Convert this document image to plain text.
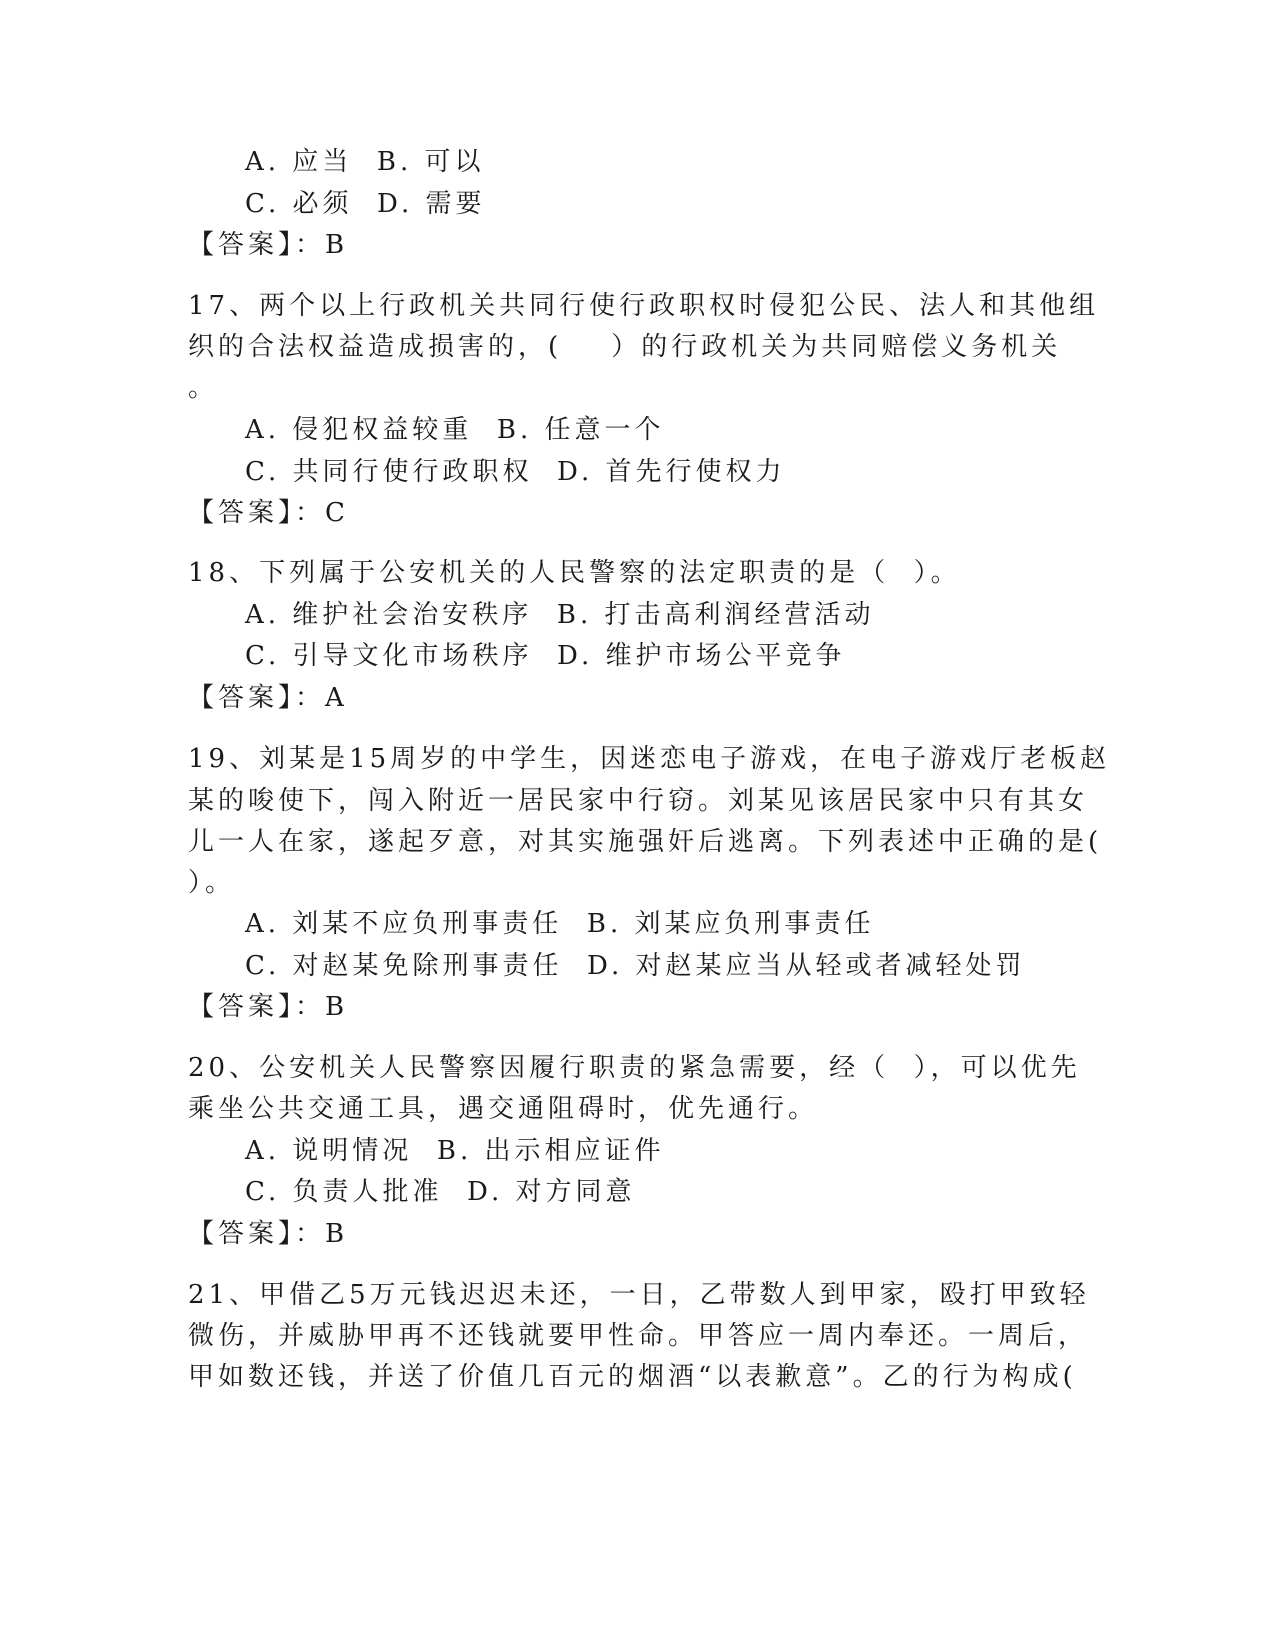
A. 应当  B. 可以
C. 必须  D. 需要
【答案】：B
17、两个以上行政机关共同行使行政职权时侵犯公民、法人和其他组
织的合法权益造成损害的，(    ）的行政机关为共同赔偿义务机关
。
A. 侵犯权益较重  B. 任意一个
C. 共同行使行政职权  D. 首先行使权力
【答案】：C
18、下列属于公安机关的人民警察的法定职责的是（  ）。
A. 维护社会治安秩序  B. 打击高利润经营活动
C. 引导文化市场秩序  D. 维护市场公平竞争
【答案】：A
19、刘某是15周岁的中学生，因迷恋电子游戏，在电子游戏厅老板赵
某的唆使下，闯入附近一居民家中行窃。刘某见该居民家中只有其女
儿一人在家，遂起歹意，对其实施强奸后逃离。下列表述中正确的是(
）。
A. 刘某不应负刑事责任  B. 刘某应负刑事责任
C. 对赵某免除刑事责任  D. 对赵某应当从轻或者减轻处罚
【答案】：B
20、公安机关人民警察因履行职责的紧急需要，经（  ），可以优先
乘坐公共交通工具，遇交通阻碍时，优先通行。
A. 说明情况  B. 出示相应证件
C. 负责人批准  D. 对方同意
【答案】：B
21、甲借乙5万元钱迟迟未还，一日，乙带数人到甲家，殴打甲致轻
微伤，并威胁甲再不还钱就要甲性命。甲答应一周内奉还。一周后，
甲如数还钱，并送了价值几百元的烟酒“以表歉意”。乙的行为构成(
